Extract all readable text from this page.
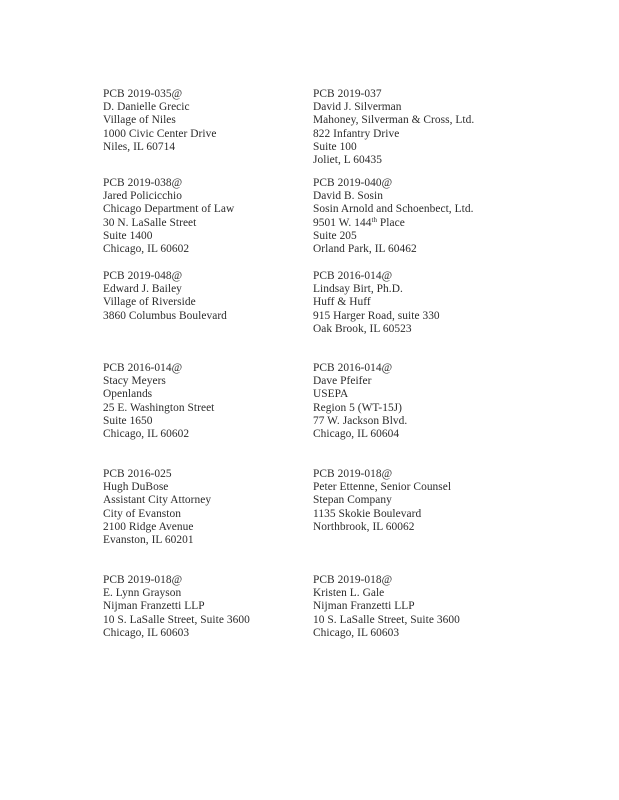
PCB 2019-035@
D. Danielle Grecic
Village of Niles
1000 Civic Center Drive
Niles, IL 60714
PCB 2019-037
David J. Silverman
Mahoney, Silverman & Cross, Ltd.
822 Infantry Drive
Suite 100
Joliet, L 60435
PCB 2019-038@
Jared Policicchio
Chicago Department of Law
30 N. LaSalle Street
Suite 1400
Chicago, IL 60602
PCB 2019-040@
David B. Sosin
Sosin Arnold and Schoenbect, Ltd.
9501 W. 144th Place
Suite 205
Orland Park, IL 60462
PCB 2019-048@
Edward J. Bailey
Village of Riverside
3860 Columbus Boulevard
PCB 2016-014@
Lindsay Birt, Ph.D.
Huff & Huff
915 Harger Road, suite 330
Oak Brook, IL 60523
PCB 2016-014@
Stacy Meyers
Openlands
25 E. Washington Street
Suite 1650
Chicago, IL 60602
PCB 2016-014@
Dave Pfeifer
USEPA
Region 5 (WT-15J)
77 W. Jackson Blvd.
Chicago, IL 60604
PCB 2016-025
Hugh DuBose
Assistant City Attorney
City of Evanston
2100 Ridge Avenue
Evanston, IL 60201
PCB 2019-018@
Peter Ettenne, Senior Counsel
Stepan Company
1135 Skokie Boulevard
Northbrook, IL 60062
PCB 2019-018@
E. Lynn Grayson
Nijman Franzetti LLP
10 S. LaSalle Street, Suite 3600
Chicago, IL 60603
PCB 2019-018@
Kristen L. Gale
Nijman Franzetti LLP
10 S. LaSalle Street, Suite 3600
Chicago, IL 60603
